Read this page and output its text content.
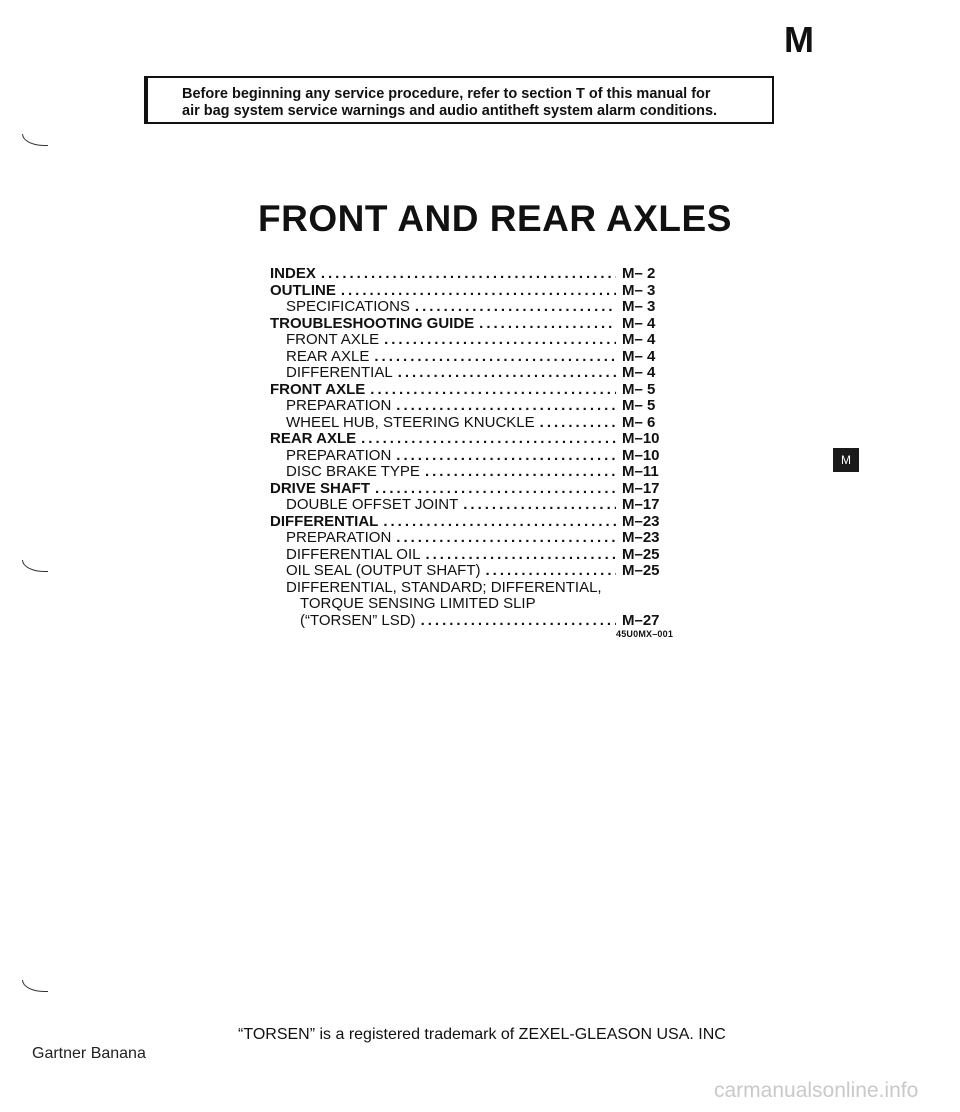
M
Before beginning any service procedure, refer to section T of this manual for
air bag system service warnings and audio antitheft system alarm conditions.
FRONT AND REAR AXLES
INDEX .....	M– 2
OUTLINE .....	M– 3
SPECIFICATIONS .....	M– 3
TROUBLESHOOTING GUIDE .....	M– 4
FRONT AXLE .....	M– 4
REAR AXLE .....	M– 4
DIFFERENTIAL .....	M– 4
FRONT AXLE .....	M– 5
PREPARATION .....	M– 5
WHEEL HUB, STEERING KNUCKLE .....	M– 6
REAR AXLE .....	M–10
PREPARATION .....	M–10
DISC BRAKE TYPE .....	M–11
DRIVE SHAFT .....	M–17
DOUBLE OFFSET JOINT .....	M–17
DIFFERENTIAL .....	M–23
PREPARATION .....	M–23
DIFFERENTIAL OIL .....	M–25
OIL SEAL (OUTPUT SHAFT) .....	M–25
DIFFERENTIAL, STANDARD; DIFFERENTIAL,
TORQUE SENSING LIMITED SLIP
(“TORSEN” LSD) .....	M–27
45U0MX–001
M
“TORSEN” is a registered trademark of ZEXEL-GLEASON USA. INC
Gartner Banana
carmanualsonline.info
